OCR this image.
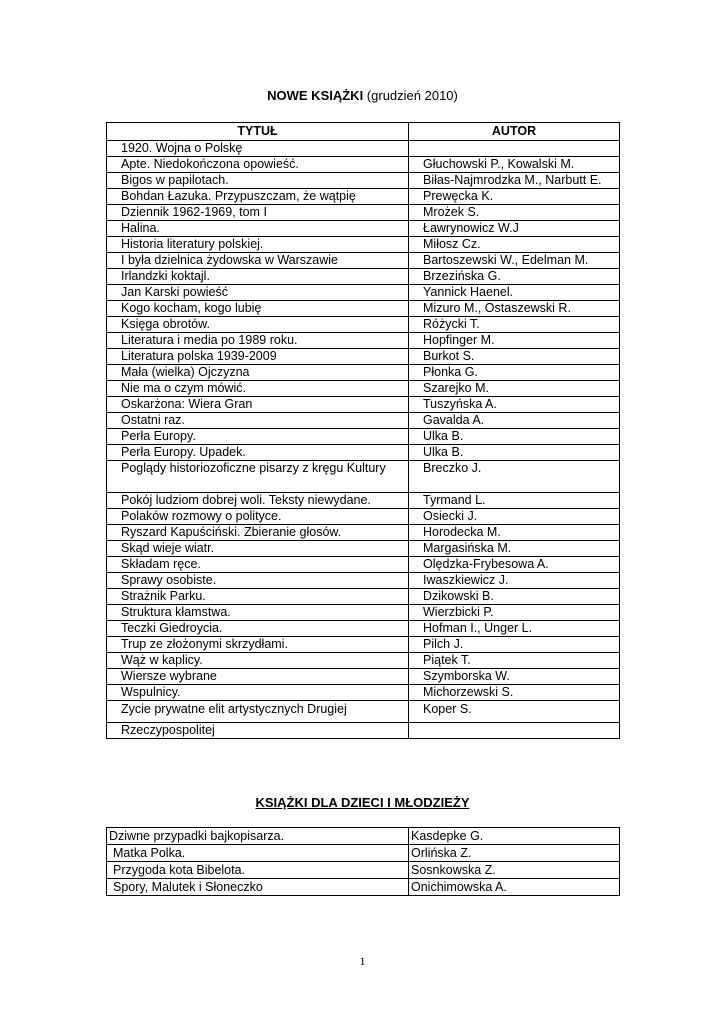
NOWE KSIĄŻKI (grudzień 2010)
TYTUŁ	AUTOR
1920. Wojna o Polskę	
Apte. Niedokończona opowieść.	Głuchowski P., Kowalski M.
Bigos w papilotach.	Biłas-Najmrodzka M., Narbutt E.
Bohdan Łazuka. Przypuszczam, że wątpię	Prewęcka K.
Dziennik 1962-1969, tom I	Mrożek S.
Halina.	Ławrynowicz W.J
Historia literatury polskiej.	Miłosz Cz.
I była dzielnica żydowska w Warszawie	Bartoszewski W., Edelman M.
Irlandzki koktajl.	Brzezińska G.
Jan Karski powieść	Yannick Haenel.
Kogo kocham, kogo lubię	Mizuro M., Ostaszewski R.
Księga obrotów.	Różycki T.
Literatura i media po 1989 roku.	Hopfinger M.
Literatura polska 1939-2009	Burkot S.
Mała (wielka) Ojczyzna	Płonka G.
Nie ma o czym mówić.	Szarejko M.
Oskarżona: Wiera Gran	Tuszyńska A.
Ostatni raz.	Gavalda A.
Perła Europy.	Ulka B.
Perła Europy. Upadek.	Ulka B.
Poglądy historiozoficzne pisarzy z kręgu Kultury	Breczko J.
Pokój ludziom dobrej woli. Teksty niewydane.	Tyrmand L.
Polaków rozmowy o polityce.	Osiecki J.
Ryszard Kapuściński. Zbieranie głosów.	Horodecka M.
Skąd wieje wiatr.	Margasińska M.
Składam ręce.	Olędzka-Frybesowa A.
Sprawy osobiste.	Iwaszkiewicz J.
Strażnik Parku.	Dzikowski B.
Struktura kłamstwa.	Wierzbicki P.
Teczki Giedroycia.	Hofman I., Unger L.
Trup ze złożonymi skrzydłami.	Pilch J.
Wąż w kaplicy.	Piątek T.
Wiersze wybrane	Szymborska W.
Wspulnicy.	Michorzewski S.
Zycie prywatne elit artystycznych Drugiej	Koper S.
Rzeczypospolitej	
KSIĄŻKI DLA DZIECI I MŁODZIEŻY
Dziwne przypadki bajkopisarza.	Kasdepke G.
Matka Polka.	Orlińska Z.
Przygoda kota Bibelota.	Sosnkowska Z.
Spory, Malutek i Słoneczko	Onichimowska A.
1
